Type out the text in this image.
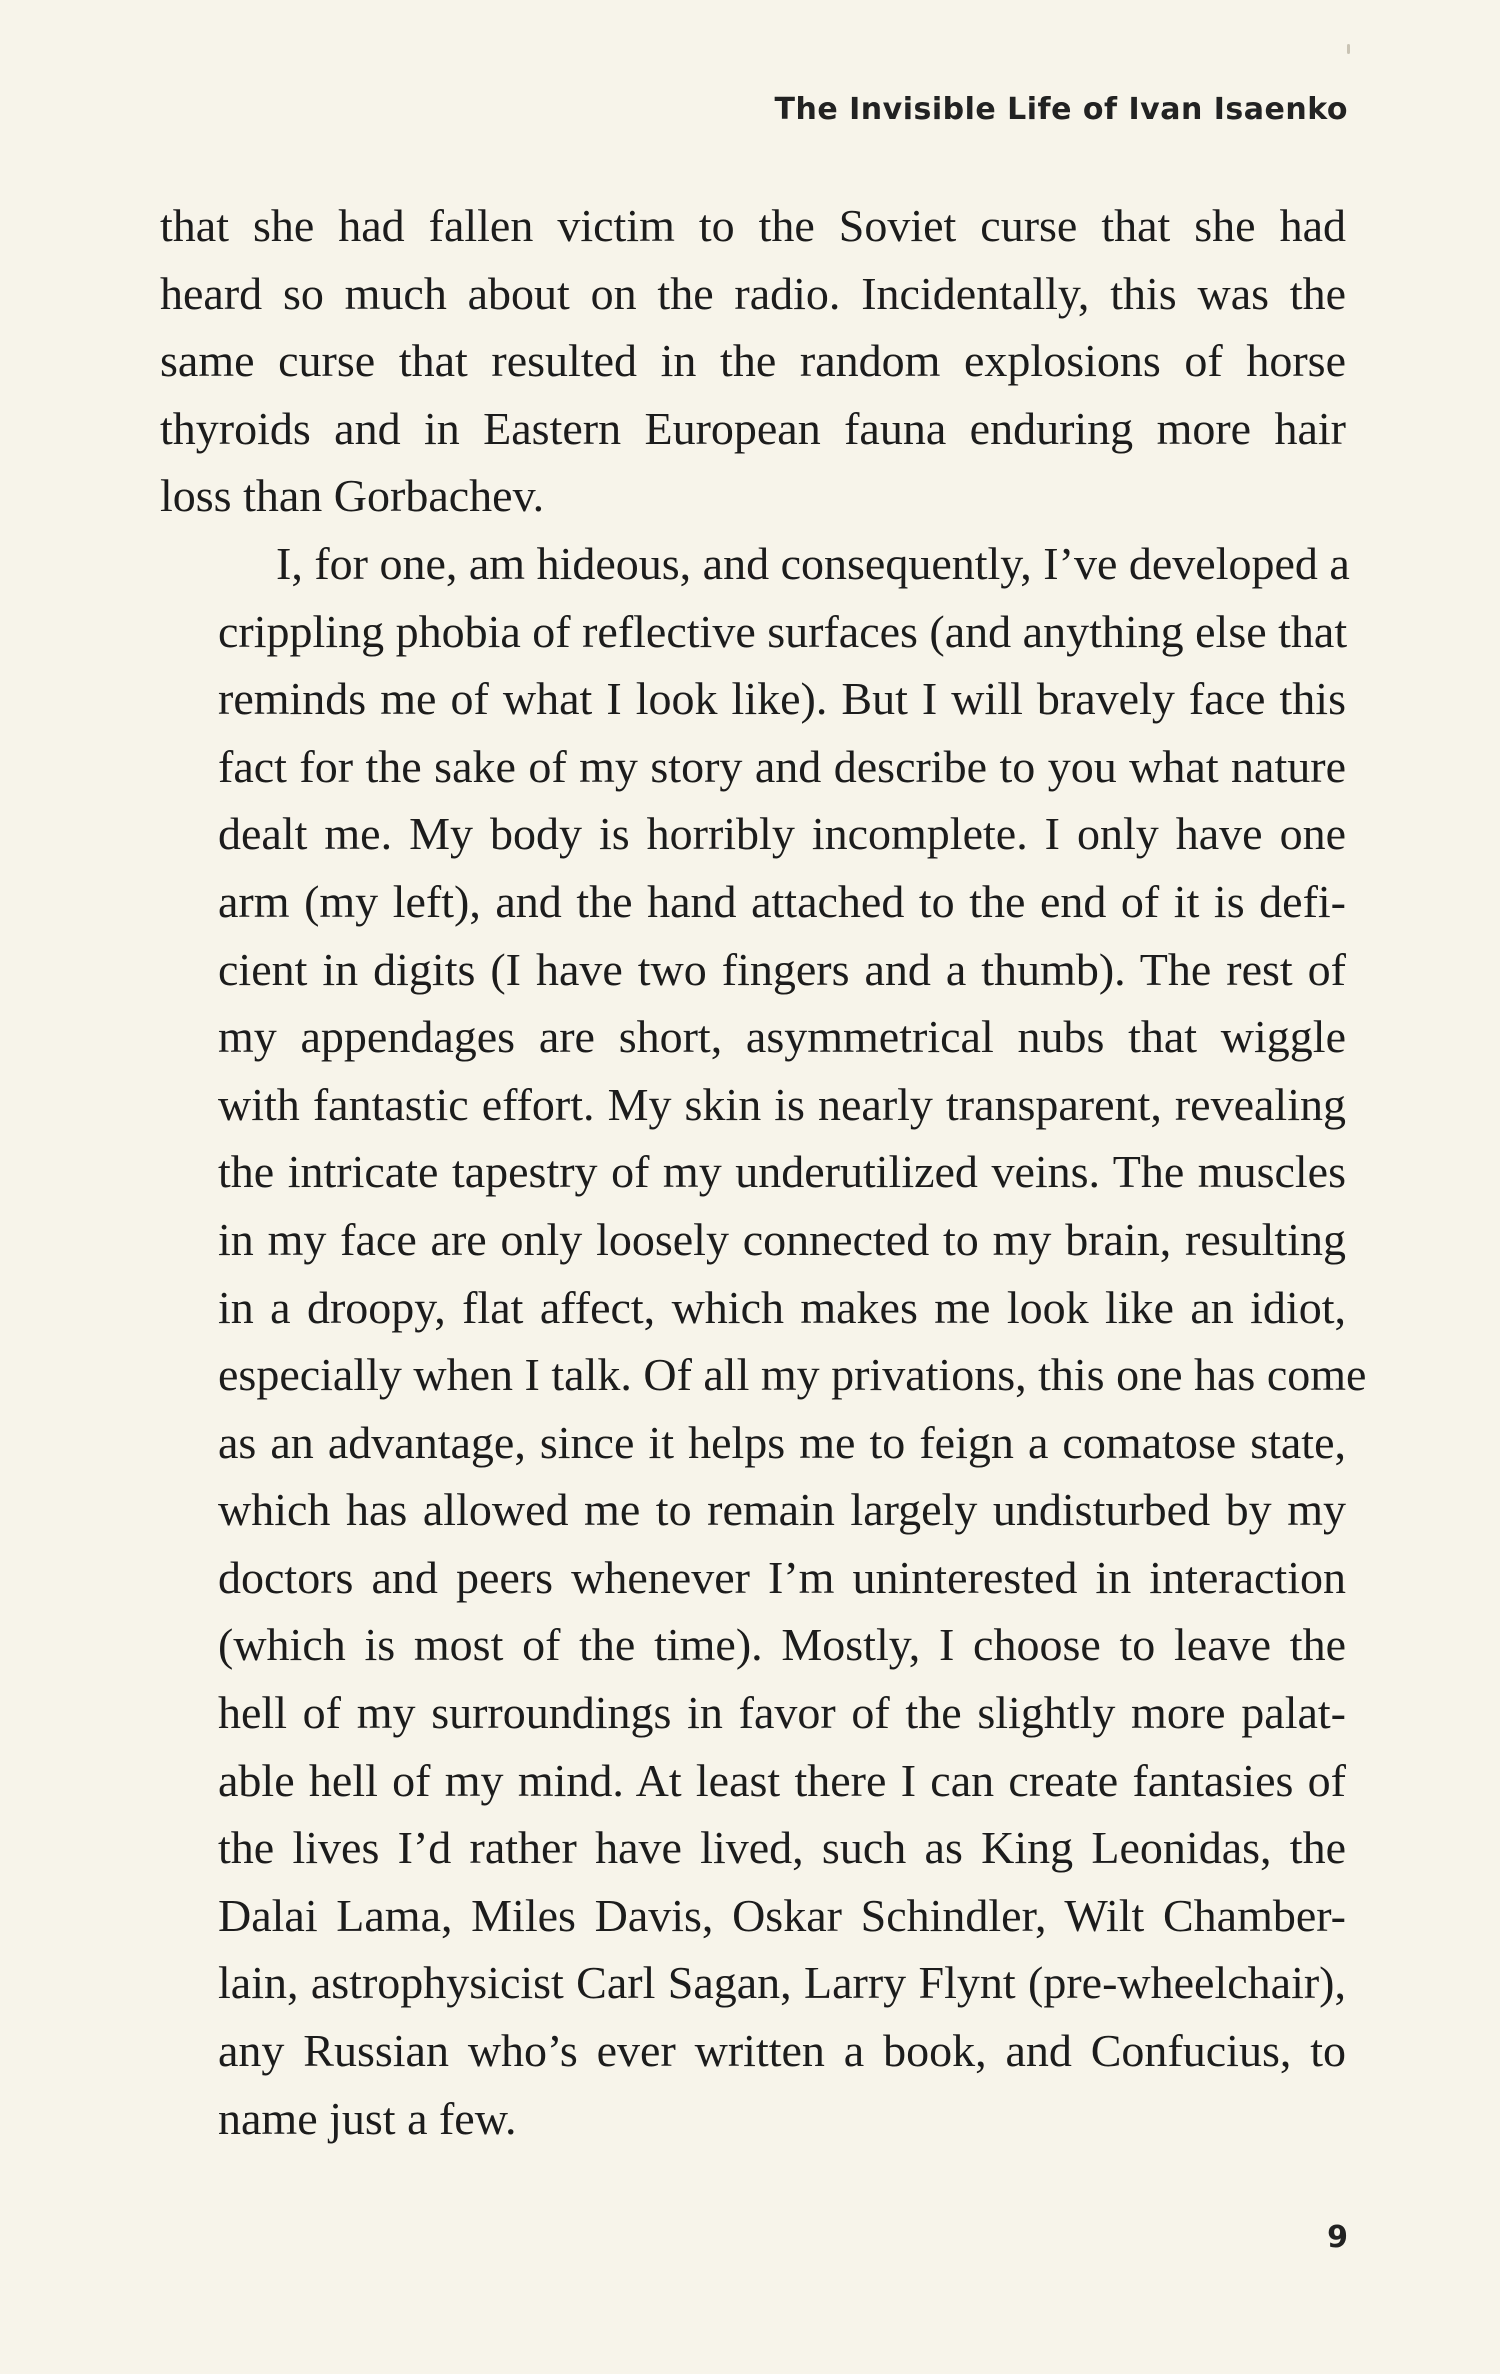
The Invisible Life of Ivan Isaenko

that she had fallen victim to the Soviet curse that she had
heard so much about on the radio. Incidentally, this was the
same curse that resulted in the random explosions of horse
thyroids and in Eastern European fauna enduring more hair
loss than Gorbachev.

I, for one, am hideous, and consequently, I’ve developed a
crippling phobia of reflective surfaces (and anything else that
reminds me of what I look like). But I will bravely face this
fact for the sake of my story and describe to you what nature
dealt me. My body is horribly incomplete. I only have one
arm (my left), and the hand attached to the end of it is defi-
cient in digits (I have two fingers and a thumb). The rest of
my appendages are short, asymmetrical nubs that wiggle
with fantastic effort. My skin is nearly transparent, revealing
the intricate tapestry of my underutilized veins. The muscles
in my face are only loosely connected to my brain, resulting
in a droopy, flat affect, which makes me look like an idiot,
especially when I talk. Of all my privations, this one has come
as an advantage, since it helps me to feign a comatose state,
which has allowed me to remain largely undisturbed by my
doctors and peers whenever I’m uninterested in interaction
(which is most of the time). Mostly, I choose to leave the
hell of my surroundings in favor of the slightly more palat-
able hell of my mind. At least there I can create fantasies of
the lives I’d rather have lived, such as King Leonidas, the
Dalai Lama, Miles Davis, Oskar Schindler, Wilt Chamber-
lain, astrophysicist Carl Sagan, Larry Flynt (pre-wheelchair),
any Russian who’s ever written a book, and Confucius, to
name just a few.

9
